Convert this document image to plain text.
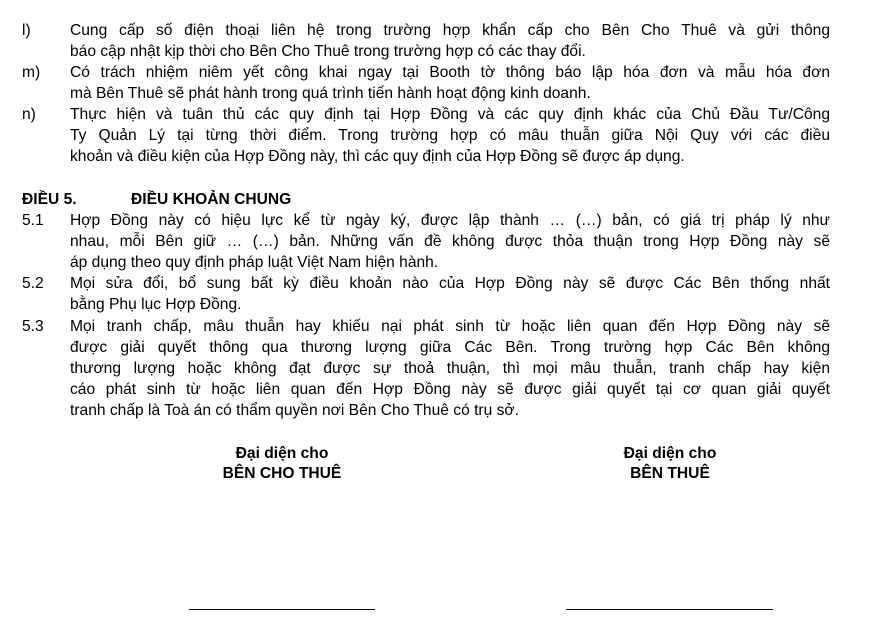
l)	Cung cấp số điện thoại liên hệ trong trường hợp khẩn cấp cho Bên Cho Thuê và gửi thông
báo cập nhật kịp thời cho Bên Cho Thuê trong trường hợp có các thay đổi.
m) Có trách nhiệm niêm yết công khai ngay tại Booth tờ thông báo lập hóa đơn và mẫu hóa đơn
mà Bên Thuê sẽ phát hành trong quá trình tiến hành hoạt động kinh doanh.
n) Thực hiện và tuân thủ các quy định tại Hợp Đồng và các quy định khác của Chủ Đầu Tư/Công
Ty Quản Lý tại từng thời điểm. Trong trường hợp có mâu thuẫn giữa Nội Quy với các điều
khoản và điều kiện của Hợp Đồng này, thì các quy định của Hợp Đồng sẽ được áp dụng.
ĐIỀU 5.	ĐIỀU KHOẢN CHUNG
5.1 Hợp Đồng này có hiệu lực kể từ ngày ký, được lập thành … (…) bản, có giá trị pháp lý như
nhau, mỗi Bên giữ … (…) bản. Những vấn đề không được thỏa thuận trong Hợp Đồng này sẽ
áp dụng theo quy định pháp luật Việt Nam hiện hành.
5.2 Mọi sửa đổi, bổ sung bất kỳ điều khoản nào của Hợp Đồng này sẽ được Các Bên thống nhất
bằng Phụ lục Hợp Đồng.
5.3 Mọi tranh chấp, mâu thuẫn hay khiếu nại phát sinh từ hoặc liên quan đến Hợp Đồng này sẽ
được giải quyết thông qua thương lượng giữa Các Bên. Trong trường hợp Các Bên không
thương lượng hoặc không đạt được sự thoả thuận, thì mọi mâu thuẫn, tranh chấp hay kiện
cáo phát sinh từ hoặc liên quan đến Hợp Đồng này sẽ được giải quyết tại cơ quan giải quyết
tranh chấp là Toà án có thẩm quyền nơi Bên Cho Thuê có trụ sở.
Đại diện cho
BÊN CHO THUÊ
Đại diện cho
BÊN THUÊ
